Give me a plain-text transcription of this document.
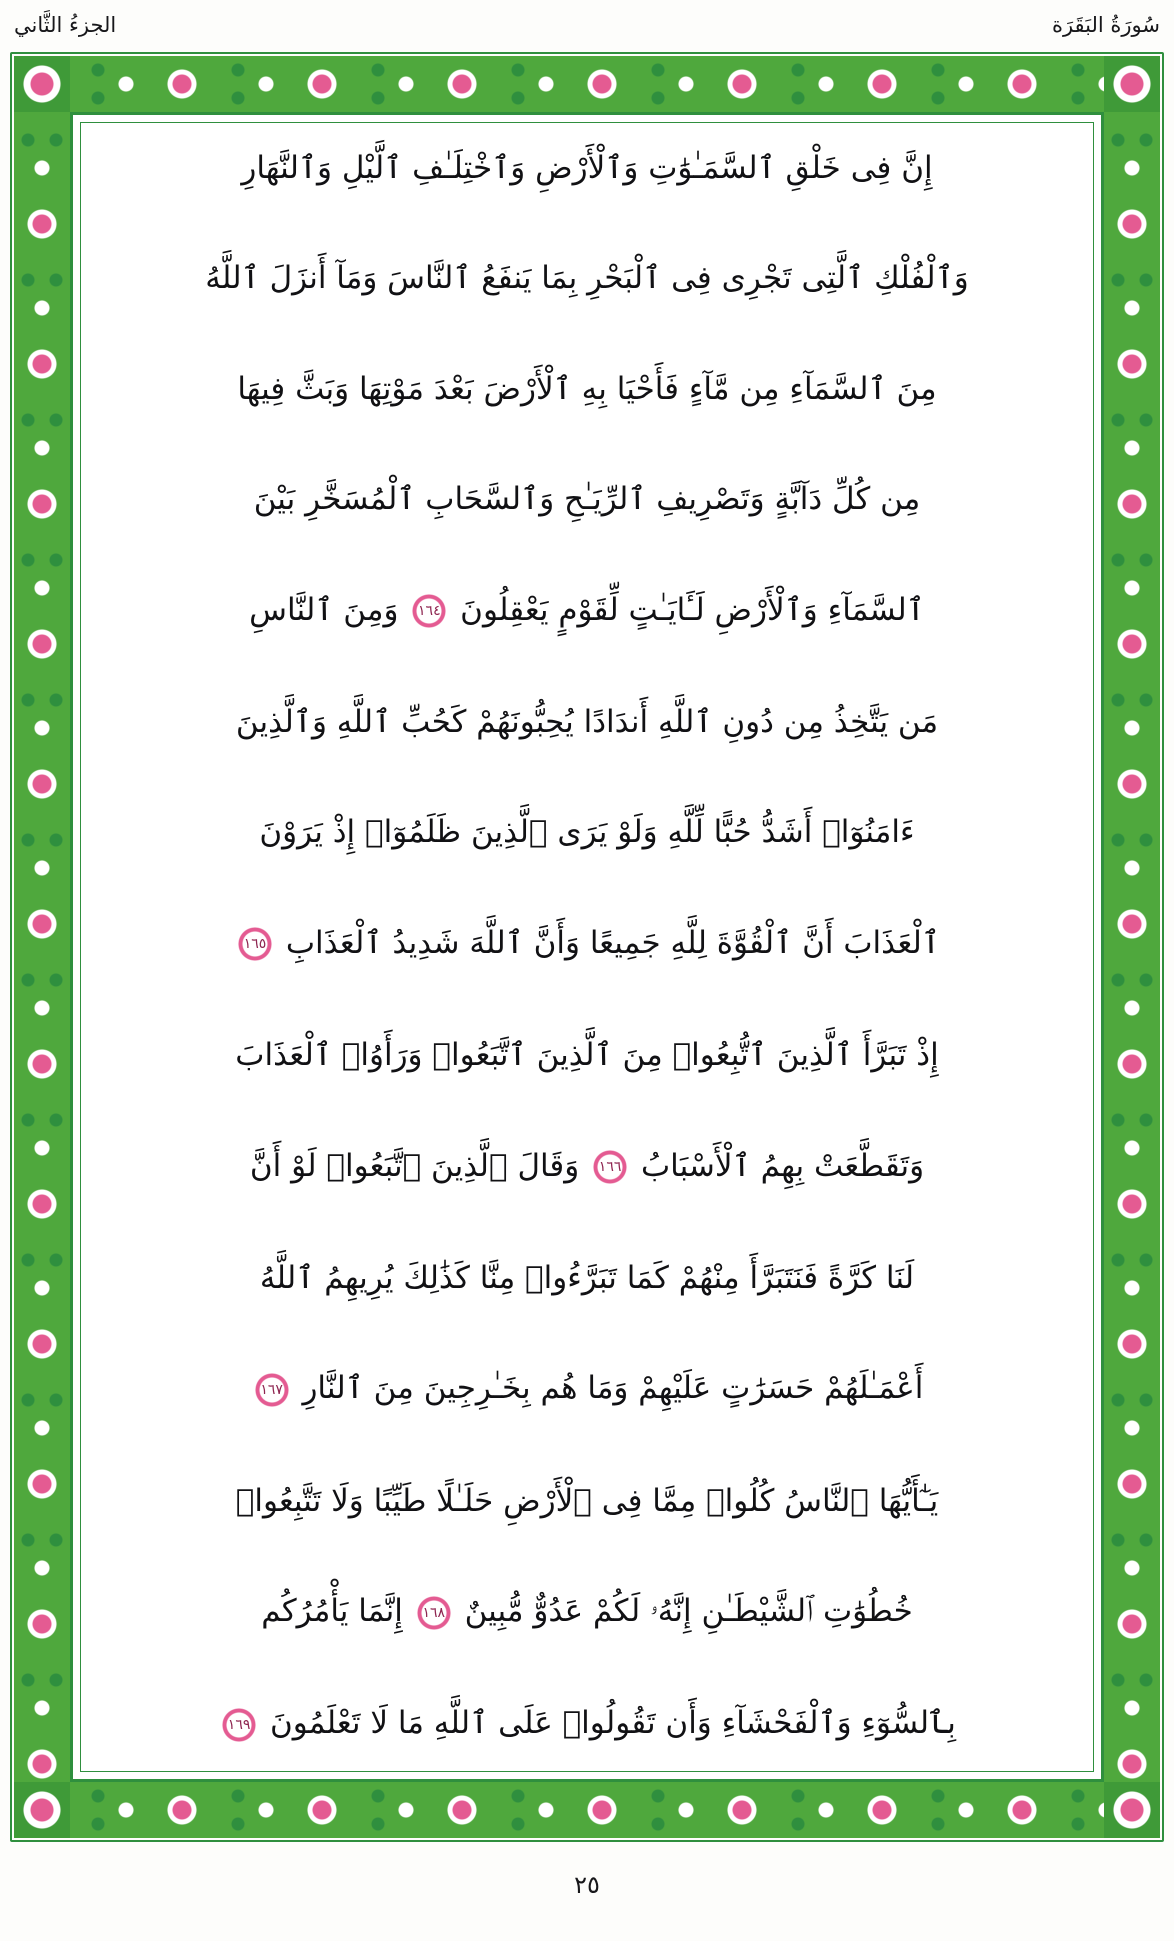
الجزءُ الثَّاني	سُورَةُ البَقَرَة
إِنَّ فِى خَلْقِ ٱلسَّمَـٰوَٰتِ وَٱلْأَرْضِ وَٱخْتِلَـٰفِ ٱلَّيْلِ وَٱلنَّهَارِ
وَٱلْفُلْكِ ٱلَّتِى تَجْرِى فِى ٱلْبَحْرِ بِمَا يَنفَعُ ٱلنَّاسَ وَمَآ أَنزَلَ ٱللَّهُ
مِنَ ٱلسَّمَآءِ مِن مَّآءٍ فَأَحْيَا بِهِ ٱلْأَرْضَ بَعْدَ مَوْتِهَا وَبَثَّ فِيهَا
مِن كُلِّ دَآبَّةٍ وَتَصْرِيفِ ٱلرِّيَـٰحِ وَٱلسَّحَابِ ٱلْمُسَخَّرِ بَيْنَ
ٱلسَّمَآءِ وَٱلْأَرْضِ لَـَٔايَـٰتٍ لِّقَوْمٍ يَعْقِلُونَ ١٦٤ وَمِنَ ٱلنَّاسِ
مَن يَتَّخِذُ مِن دُونِ ٱللَّهِ أَندَادًا يُحِبُّونَهُمْ كَحُبِّ ٱللَّهِ وَٱلَّذِينَ
ءَامَنُوٓا۟ أَشَدُّ حُبًّا لِّلَّهِ وَلَوْ يَرَى ٱلَّذِينَ ظَلَمُوٓا۟ إِذْ يَرَوْنَ
ٱلْعَذَابَ أَنَّ ٱلْقُوَّةَ لِلَّهِ جَمِيعًا وَأَنَّ ٱللَّهَ شَدِيدُ ٱلْعَذَابِ ١٦٥
إِذْ تَبَرَّأَ ٱلَّذِينَ ٱتُّبِعُوا۟ مِنَ ٱلَّذِينَ ٱتَّبَعُوا۟ وَرَأَوُا۟ ٱلْعَذَابَ
وَتَقَطَّعَتْ بِهِمُ ٱلْأَسْبَابُ ١٦٦ وَقَالَ ٱلَّذِينَ ٱتَّبَعُوا۟ لَوْ أَنَّ
لَنَا كَرَّةً فَنَتَبَرَّأَ مِنْهُمْ كَمَا تَبَرَّءُوا۟ مِنَّا كَذَٰلِكَ يُرِيهِمُ ٱللَّهُ
أَعْمَـٰلَهُمْ حَسَرَٰتٍ عَلَيْهِمْ وَمَا هُم بِخَـٰرِجِينَ مِنَ ٱلنَّارِ ١٦٧
يَـٰٓأَيُّهَا ٱلنَّاسُ كُلُوا۟ مِمَّا فِى ٱلْأَرْضِ حَلَـٰلًا طَيِّبًا وَلَا تَتَّبِعُوا۟
خُطُوَٰتِ ٱلشَّيْطَـٰنِ إِنَّهُۥ لَكُمْ عَدُوٌّ مُّبِينٌ ١٦٨ إِنَّمَا يَأْمُرُكُم
بِٱلسُّوٓءِ وَٱلْفَحْشَآءِ وَأَن تَقُولُوا۟ عَلَى ٱللَّهِ مَا لَا تَعْلَمُونَ ١٦٩
٢٥
